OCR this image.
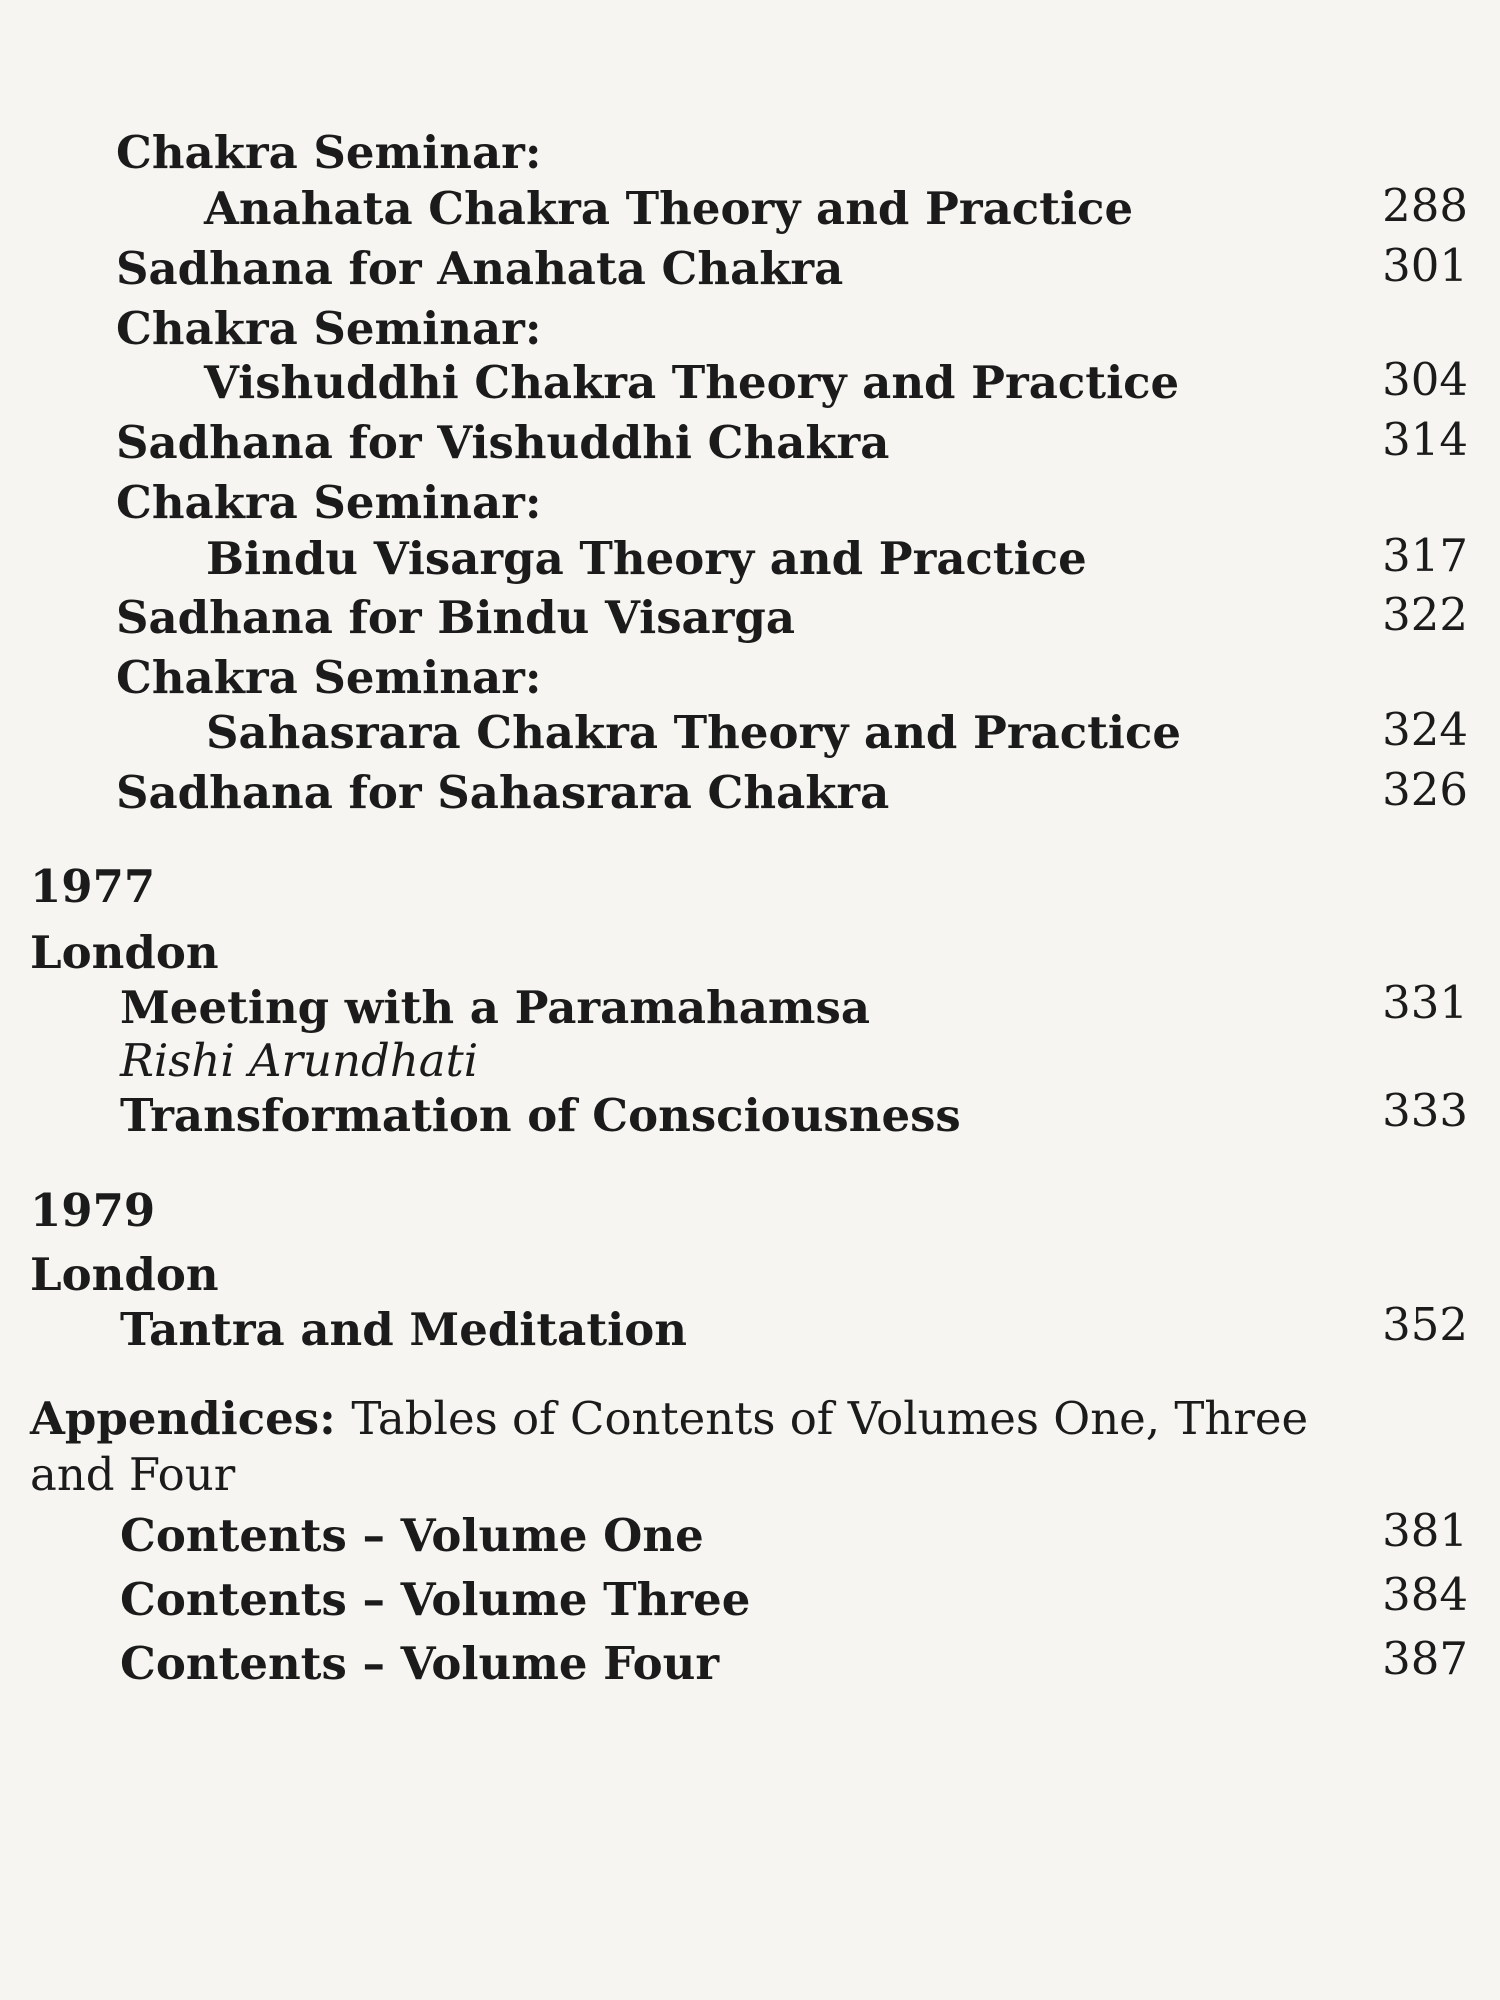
Chakra Seminar:
Anahata Chakra Theory and Practice	288
Sadhana for Anahata Chakra	301
Chakra Seminar:
Vishuddhi Chakra Theory and Practice	304
Sadhana for Vishuddhi Chakra	314
Chakra Seminar:
Bindu Visarga Theory and Practice	317
Sadhana for Bindu Visarga	322
Chakra Seminar:
Sahasrara Chakra Theory and Practice	324
Sadhana for Sahasrara Chakra	326
1977
London
Meeting with a Paramahamsa	331
Rishi Arundhati
Transformation of Consciousness	333
1979
London
Tantra and Meditation	352
Appendices: Tables of Contents of Volumes One, Three
and Four
Contents – Volume One	381
Contents – Volume Three	384
Contents – Volume Four	387
